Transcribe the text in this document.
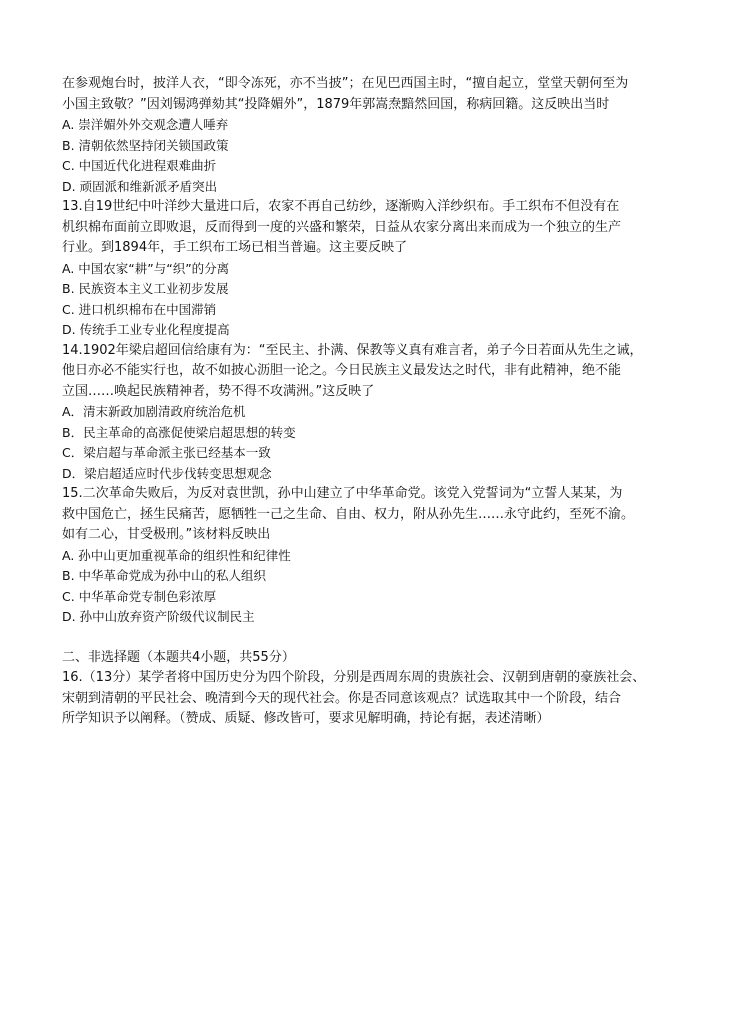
在参观炮台时，披洋人衣，“即令冻死，亦不当披”；在见巴西国主时，“擅自起立，堂堂天朝何至为
小国主致敬？”因刘锡鸿弹劾其“投降媚外”，1879年郭嵩焘黯然回国，称病回籍。这反映出当时
A. 崇洋媚外外交观念遭人唾弃
B. 清朝依然坚持闭关锁国政策
C. 中国近代化进程艰难曲折
D. 顽固派和维新派矛盾突出
13.自19世纪中叶洋纱大量进口后，农家不再自己纺纱，逐渐购入洋纱织布。手工织布不但没有在
机织棉布面前立即败退，反而得到一度的兴盛和繁荣，日益从农家分离出来而成为一个独立的生产
行业。到1894年，手工织布工场已相当普遍。这主要反映了
A. 中国农家“耕”与“织”的分离
B. 民族资本主义工业初步发展
C. 进口机织棉布在中国滞销
D. 传统手工业专业化程度提高
14.1902年梁启超回信给康有为：“至民主、扑满、保教等义真有难言者，弟子今日若面从先生之诫，
他日亦必不能实行也，故不如披心沥胆一论之。今日民族主义最发达之时代，非有此精神，绝不能
立国……唤起民族精神者，势不得不攻满洲。”这反映了
A．清末新政加剧清政府统治危机
B．民主革命的高涨促使梁启超思想的转变
C．梁启超与革命派主张已经基本一致
D．梁启超适应时代步伐转变思想观念
15.二次革命失败后，为反对袁世凯，孙中山建立了中华革命党。该党入党誓词为“立誓人某某，为
救中国危亡，拯生民痛苦，愿牺牲一己之生命、自由、权力，附从孙先生……永守此约，至死不渝。
如有二心，甘受极刑。”该材料反映出
A. 孙中山更加重视革命的组织性和纪律性
B. 中华革命党成为孙中山的私人组织
C. 中华革命党专制色彩浓厚
D. 孙中山放弃资产阶级代议制民主
二、非选择题（本题共4小题，共55分）
16.（13分）某学者将中国历史分为四个阶段，分别是西周东周的贵族社会、汉朝到唐朝的豪族社会、
宋朝到清朝的平民社会、晚清到今天的现代社会。你是否同意该观点？试选取其中一个阶段，结合
所学知识予以阐释。（赞成、质疑、修改皆可，要求见解明确，持论有据，表述清晰）
